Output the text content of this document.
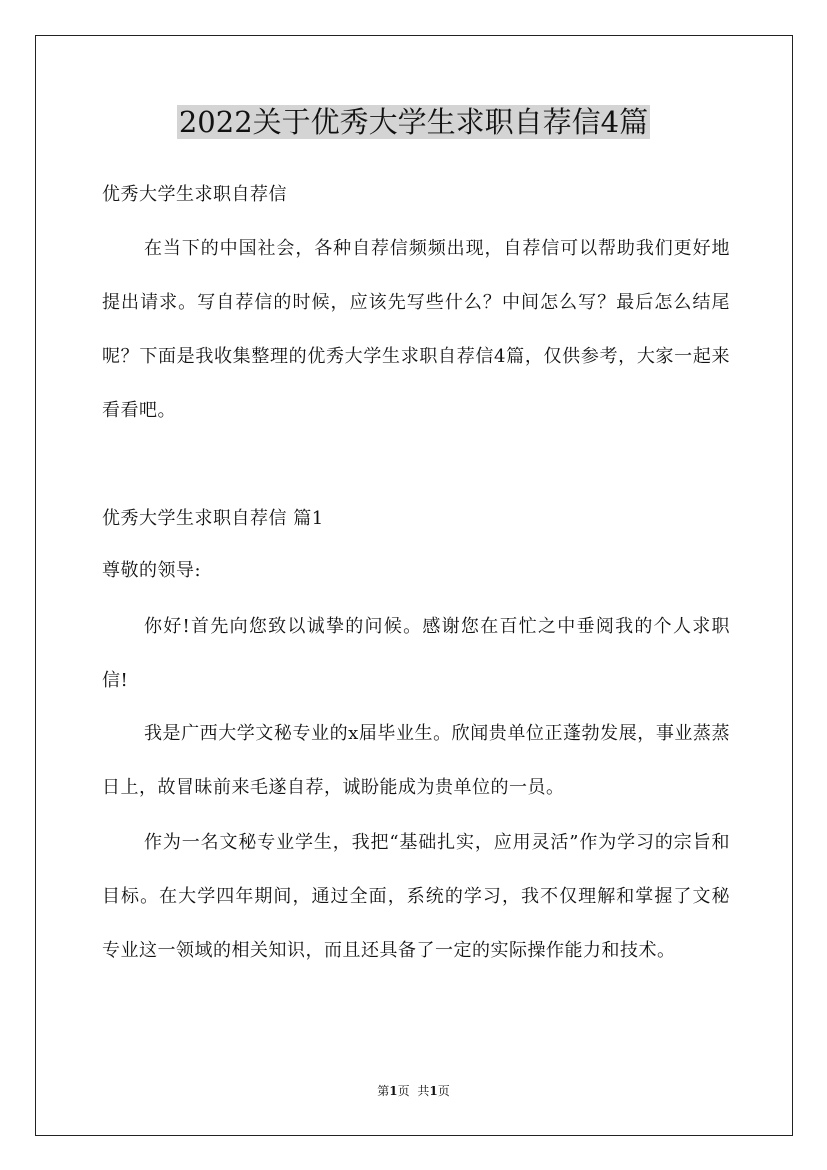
2022关于优秀大学生求职自荐信4篇
优秀大学生求职自荐信
在当下的中国社会，各种自荐信频频出现，自荐信可以帮助我们更好地提出请求。写自荐信的时候，应该先写些什么？中间怎么写？最后怎么结尾呢？下面是我收集整理的优秀大学生求职自荐信4篇，仅供参考，大家一起来看看吧。
优秀大学生求职自荐信 篇1
尊敬的领导:
你好!首先向您致以诚挚的问候。感谢您在百忙之中垂阅我的个人求职信!
我是广西大学文秘专业的x届毕业生。欣闻贵单位正蓬勃发展，事业蒸蒸日上，故冒昧前来毛遂自荐，诚盼能成为贵单位的一员。
作为一名文秘专业学生，我把“基础扎实，应用灵活”作为学习的宗旨和目标。在大学四年期间，通过全面，系统的学习，我不仅理解和掌握了文秘专业这一领域的相关知识，而且还具备了一定的实际操作能力和技术。
第1页 共1页
